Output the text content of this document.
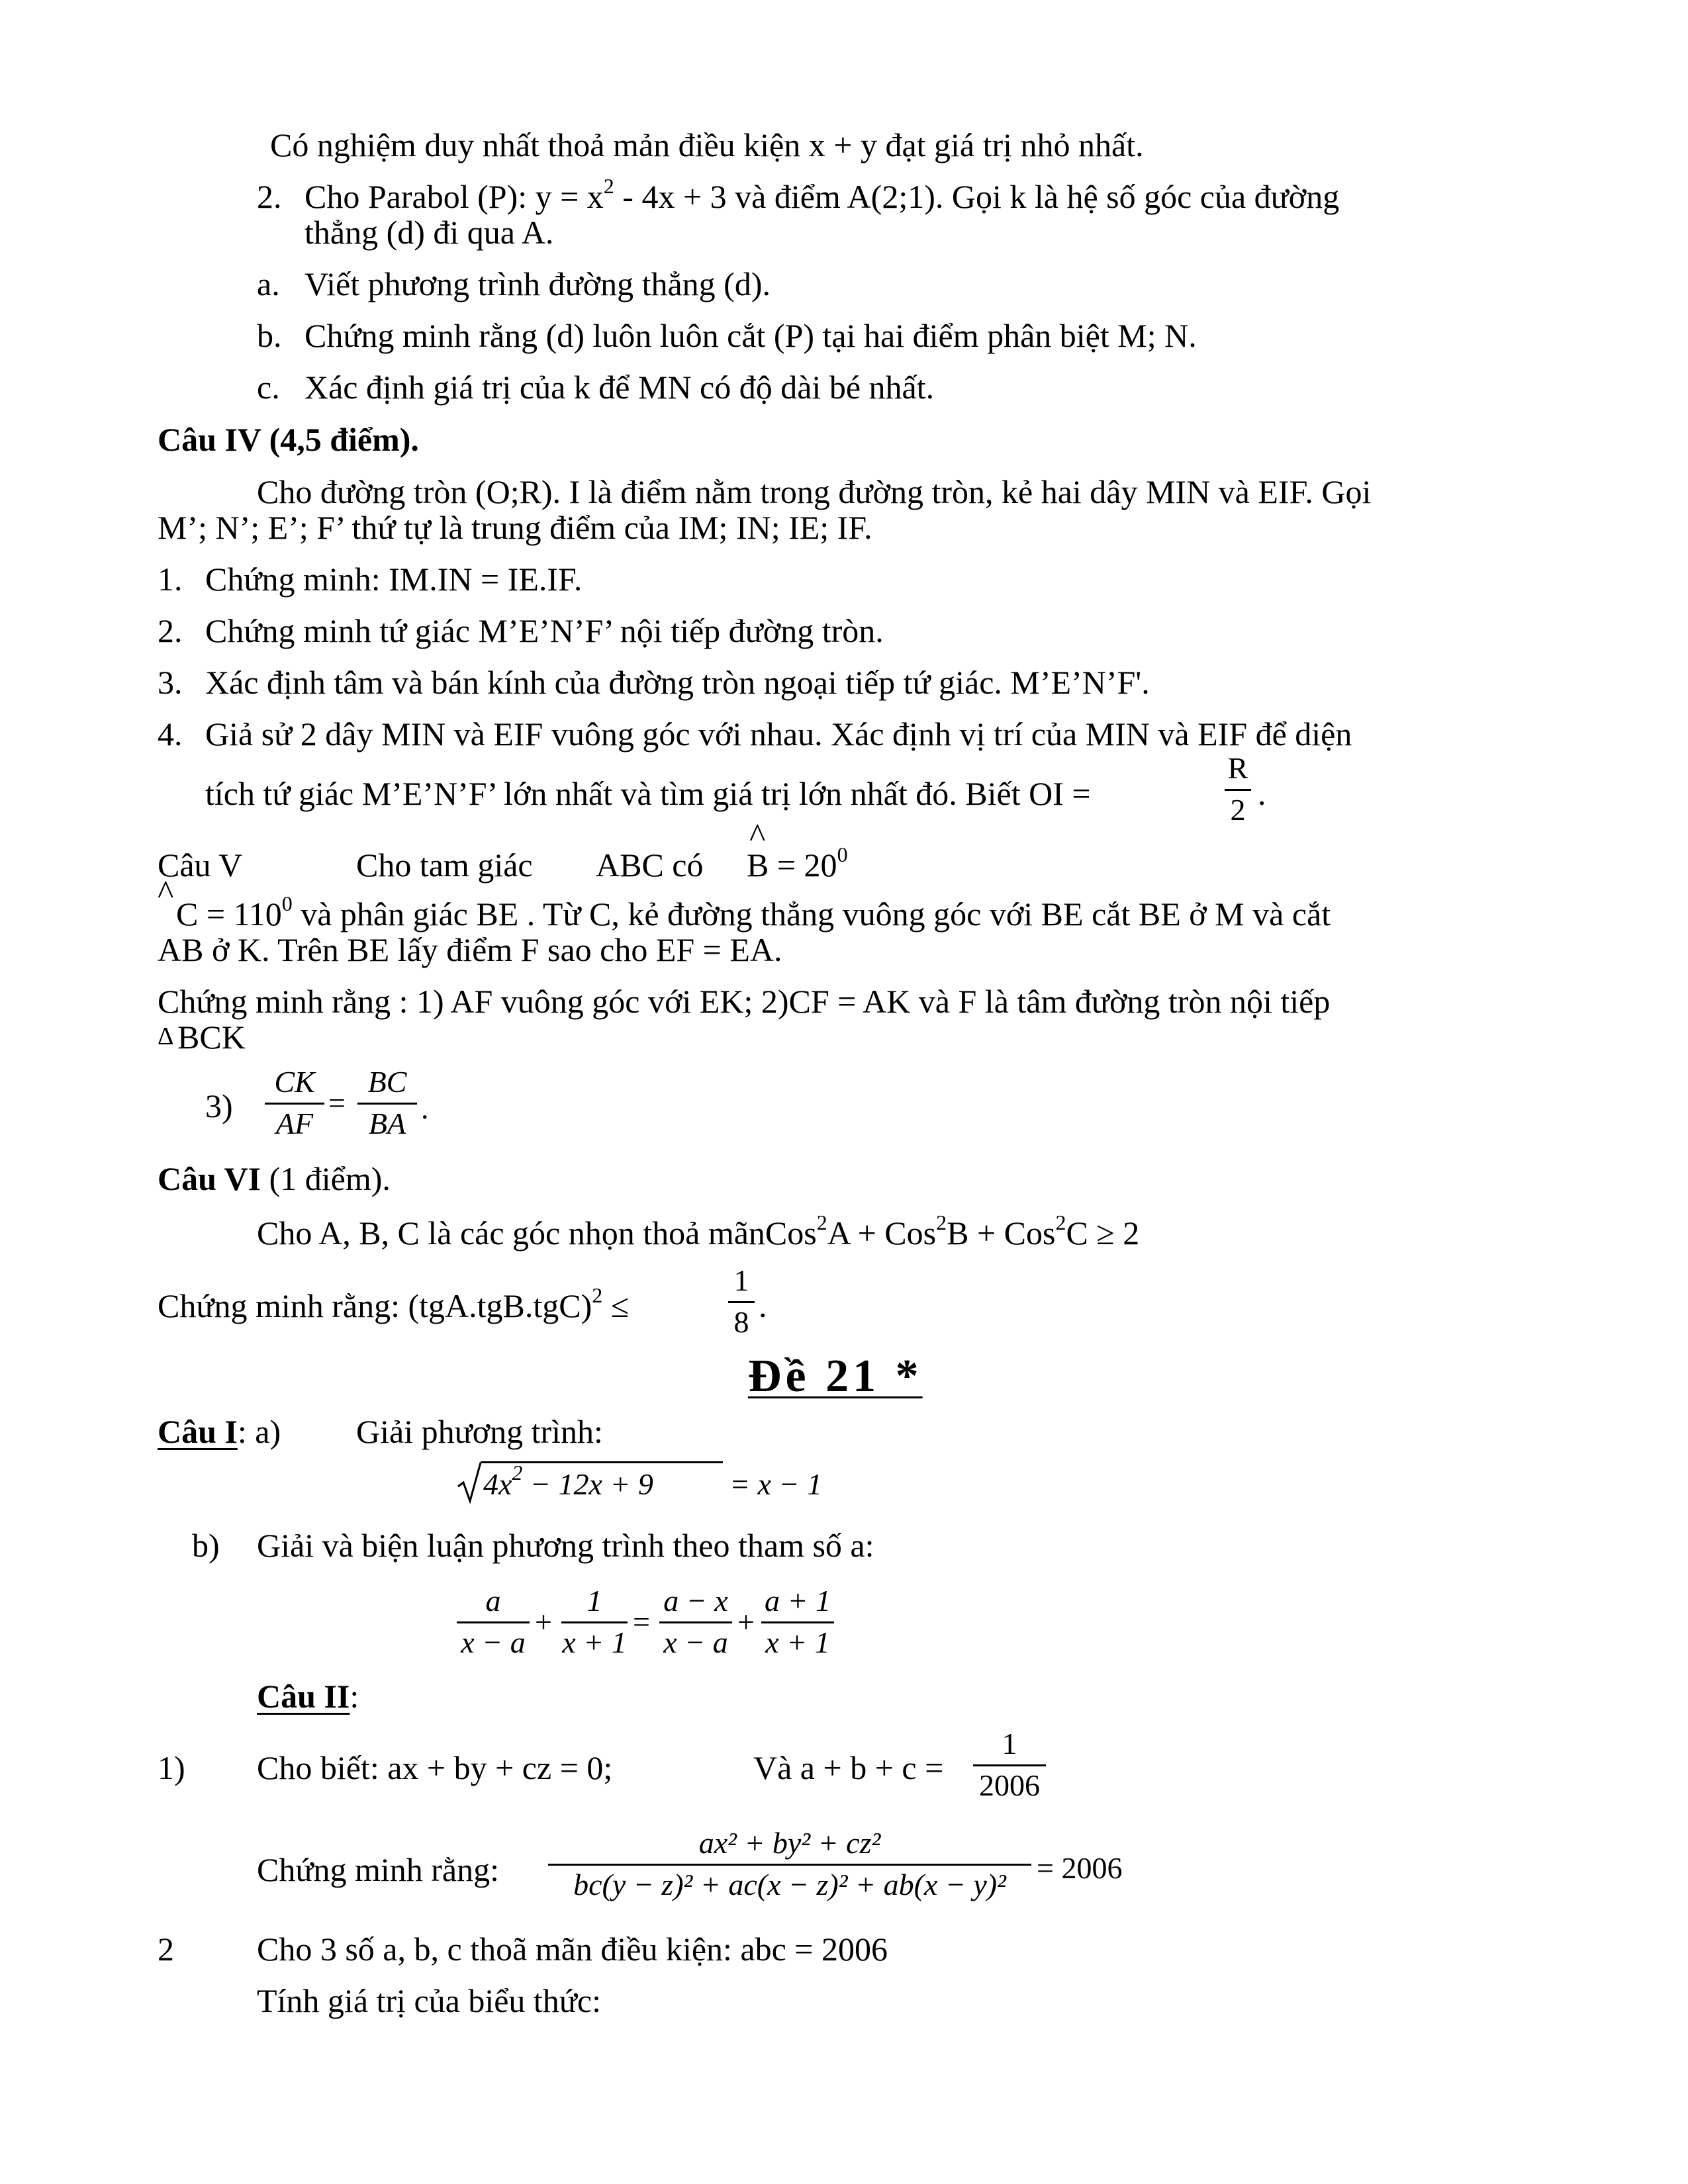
Có nghiệm duy nhất thoả mản điều kiện x + y đạt giá trị nhỏ nhất.
2. Cho Parabol (P): $y = x^2 - 4x + 3$ và điểm A(2;1). Gọi k là hệ số góc của đường
thẳng (d) đi qua A.
a. Viết phương trình đường thẳng (d).
b. Chứng minh rằng (d) luôn luôn cắt (P) tại hai điểm phân biệt M; N.
c. Xác định giá trị của k để MN có độ dài bé nhất.
Câu IV (4,5 điểm).
Cho đường tròn (O;R). I là điểm nằm trong đường tròn, kẻ hai dây MIN và EIF. Gọi
M’; N’; E’; F’ thứ tự là trung điểm của IM; IN; IE; IF.
1. Chứng minh: IM.IN = IE.IF.
2. Chứng minh tứ giác M’E’N’F’ nội tiếp đường tròn.
3. Xác định tâm và bán kính của đường tròn ngoại tiếp tứ giác. M’E’N’F'.
4. Giả sử 2 dây MIN và EIF vuông góc với nhau. Xác định vị trí của MIN và EIF để diện
tích tứ giác M’E’N’F’ lớn nhất và tìm giá trị lớn nhất đó. Biết OI =
R
2 .
Câu V	Cho tam giác ABC có
^
$B = 20^0$
^
$C = 110^0$ và phân giác BE . Từ C, kẻ đường thẳng vuông góc với BE cắt BE ở M và cắt
AB ở K. Trên BE lấy điểm F sao cho EF = EA.
Chứng minh rằng : 1) AF vuông góc với EK; 2)CF = AK và F là tâm đường tròn nội tiếp
Δ BCK
3)
CK
AF
=
BC
BA .
Câu VI (1 điểm).
Cho A, B, C là các góc nhọn thoả mãnCos$^2$A + Cos$^2$B + Cos$^2$C ≥ 2
Chứng minh rằng: $(tgA.tgB.tgC)^2$ ≤
1
8 .
Đề 21 *
Câu I: a) Giải phương trình:
$4x^2 - 12x + 9$	= x − 1
b) Giải và biện luận phương trình theo tham số a:
a
x − a
+
1
x + 1
=
a − x
x − a
+
a + 1
x + 1
Câu II:
1) Cho biết: ax + by + cz = 0;	Và a + b + c =
1
2006
Chứng minh rằng:
ax² + by² + cz²
bc(y − z)² + ac(x − z)² + ab(x − y)²	= 2006
2	Cho 3 số a, b, c thoã mãn điều kiện: abc = 2006
Tính giá trị của biểu thức:
